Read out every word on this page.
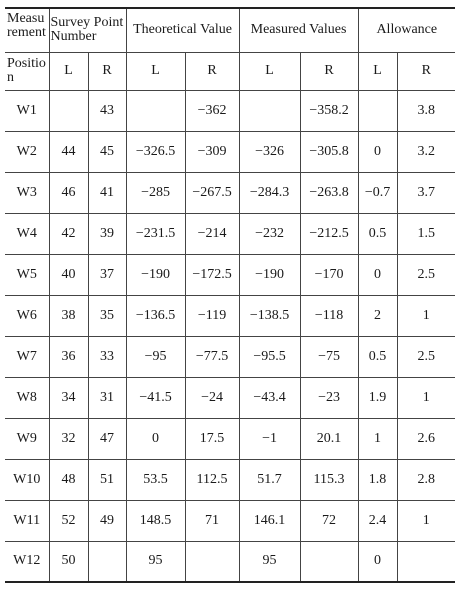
Measu rement	Survey Point Number		Theoretical Value		Measured Values		Allowance	
Positio n	L	R	L	R	L	R	L	R
W1		43		−362		−358.2		3.8
W2	44	45	−326.5	−309	−326	−305.8	0	3.2
W3	46	41	−285	−267.5	−284.3	−263.8	−0.7	3.7
W4	42	39	−231.5	−214	−232	−212.5	0.5	1.5
W5	40	37	−190	−172.5	−190	−170	0	2.5
W6	38	35	−136.5	−119	−138.5	−118	2	1
W7	36	33	−95	−77.5	−95.5	−75	0.5	2.5
W8	34	31	−41.5	−24	−43.4	−23	1.9	1
W9	32	47	0	17.5	−1	20.1	1	2.6
W10	48	51	53.5	112.5	51.7	115.3	1.8	2.8
W11	52	49	148.5	71	146.1	72	2.4	1
W12	50		95		95		0	
